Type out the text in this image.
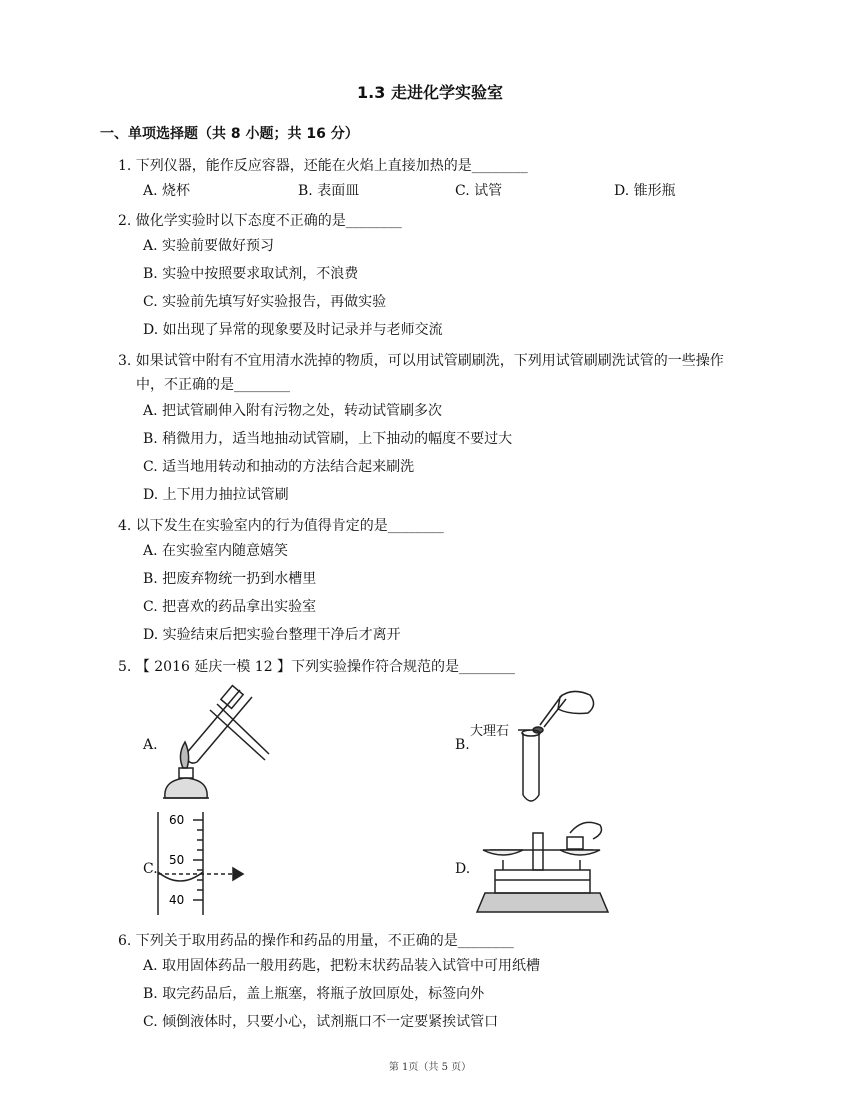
1.3 走进化学实验室
一、单项选择题（共 8 小题；共 16 分）
1. 下列仪器，能作反应容器，还能在火焰上直接加热的是________
A. 烧杯	B. 表面皿	C. 试管	D. 锥形瓶
2. 做化学实验时以下态度不正确的是________
A. 实验前要做好预习
B. 实验中按照要求取试剂，不浪费
C. 实验前先填写好实验报告，再做实验
D. 如出现了异常的现象要及时记录并与老师交流
3. 如果试管中附有不宜用清水洗掉的物质，可以用试管刷刷洗，下列用试管刷刷洗试管的一些操作
中，不正确的是________
A. 把试管刷伸入附有污物之处，转动试管刷多次
B. 稍微用力，适当地抽动试管刷，上下抽动的幅度不要过大
C. 适当地用转动和抽动的方法结合起来刷洗
D. 上下用力抽拉试管刷
4. 以下发生在实验室内的行为值得肯定的是________
A. 在实验室内随意嬉笑
B. 把废弃物统一扔到水槽里
C. 把喜欢的药品拿出实验室
D. 实验结束后把实验台整理干净后才离开
5. 【 2016 延庆一模 12 】下列实验操作符合规范的是________
A.	B.
C.	D.
大理石
60
50
40
6. 下列关于取用药品的操作和药品的用量，不正确的是________
A. 取用固体药品一般用药匙，把粉末状药品装入试管中可用纸槽
B. 取完药品后，盖上瓶塞，将瓶子放回原处，标签向外
C. 倾倒液体时，只要小心，试剂瓶口不一定要紧挨试管口
第 1页（共 5 页）
